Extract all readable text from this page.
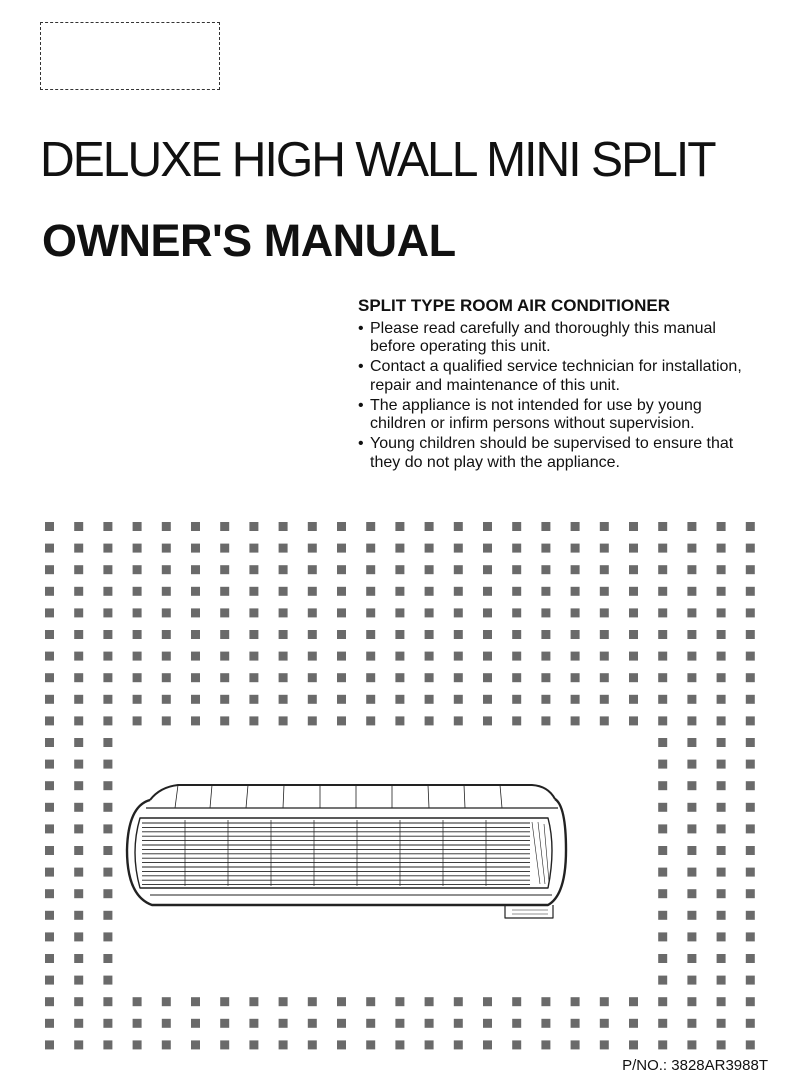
DELUXE HIGH WALL MINI SPLIT
OWNER'S MANUAL
SPLIT TYPE ROOM AIR CONDITIONER
• Please read carefully and thoroughly this manual before operating this unit.
• Contact a qualified service technician for installation, repair and maintenance of this unit.
• The appliance is not intended for use by young children or infirm persons without supervision.
• Young children should be supervised to ensure that they do not play with the appliance.
P/NO.: 3828AR3988T
